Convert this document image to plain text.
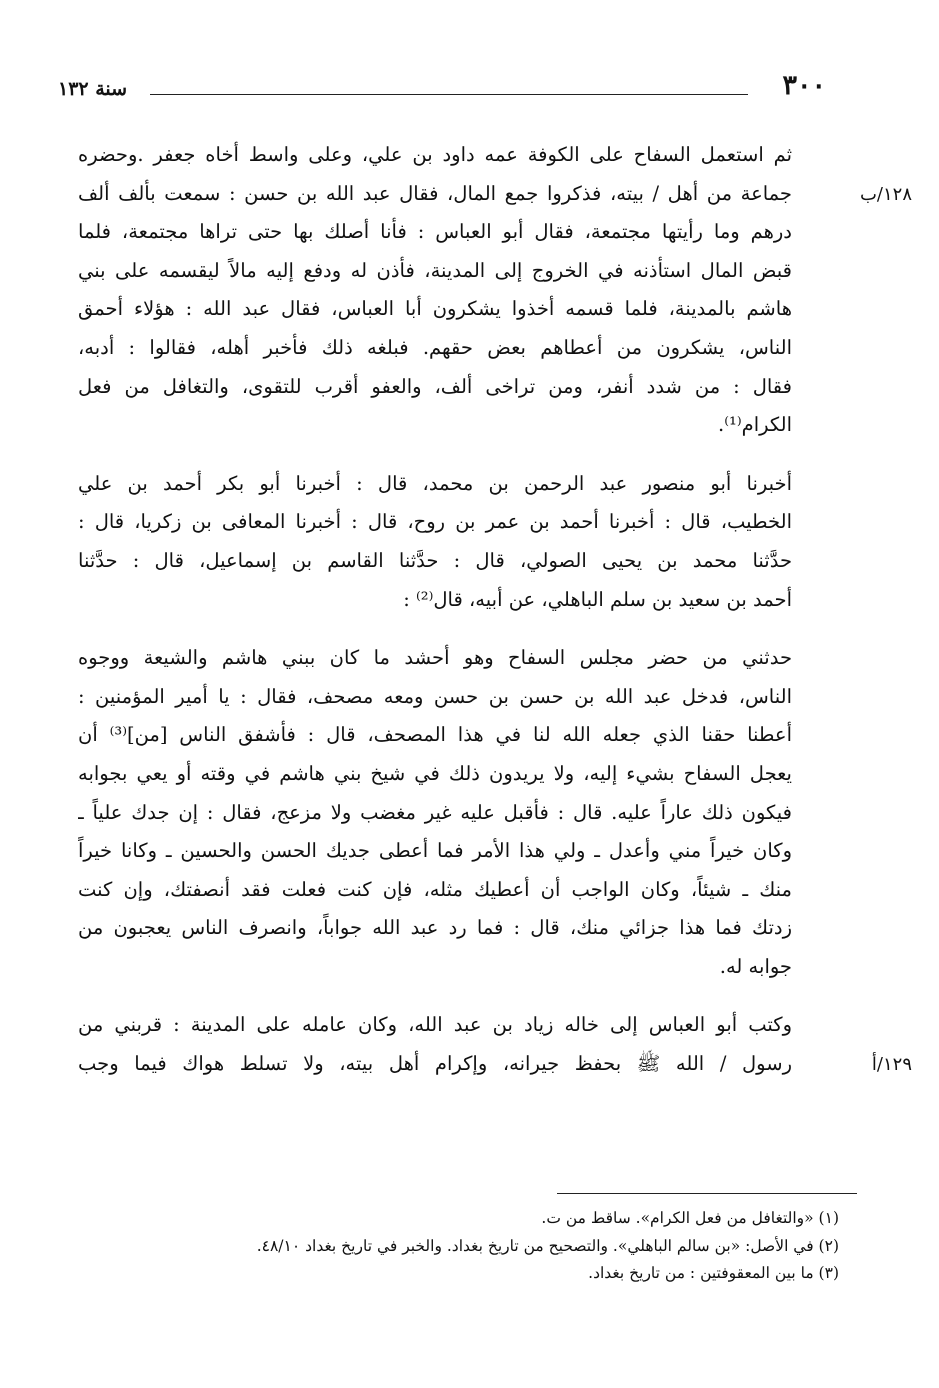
٣٠٠
سنة ١٣٢

ثم استعمل السفاح على الكوفة عمه داود بن علي، وعلى واسط أخاه جعفر .وحضره
جماعة من أهل / بيته، فذكروا جمع المال، فقال عبد الله بن حسن : سمعت بألف ألف
درهم وما رأيتها مجتمعة، فقال أبو العباس : فأنا أصلك بها حتى تراها مجتمعة، فلما
قبض المال استأذنه في الخروج إلى المدينة، فأذن له ودفع إليه مالاً ليقسمه على بني
هاشم بالمدينة، فلما قسمه أخذوا يشكرون أبا العباس، فقال عبد الله : هؤلاء أحمق
الناس، يشكرون من أعطاهم بعض حقهم. فبلغه ذلك فأخبر أهله، فقالوا : أدبه،
فقال : من شدد أنفر، ومن تراخى ألف، والعفو أقرب للتقوى، والتغافل من فعل
الكرام⁽¹⁾.
١٢٨/ب

أخبرنا أبو منصور عبد الرحمن بن محمد، قال : أخبرنا أبو بكر أحمد بن علي
الخطيب، قال : أخبرنا أحمد بن عمر بن روح، قال : أخبرنا المعافى بن زكريا، قال :
حدَّثنا محمد بن يحيى الصولي، قال : حدَّثنا القاسم بن إسماعيل، قال : حدَّثنا
أحمد بن سعيد بن سلم الباهلي، عن أبيه، قال⁽²⁾ :

حدثني من حضر مجلس السفاح وهو أحشد ما كان ببني هاشم والشيعة ووجوه
الناس، فدخل عبد الله بن حسن بن حسن ومعه مصحف، فقال : يا أمير المؤمنين :
أعطنا حقنا الذي جعله الله لنا في هذا المصحف، قال : فأشفق الناس [من]⁽³⁾ أن
يعجل السفاح بشيء إليه، ولا يريدون ذلك في شيخ بني هاشم في وقته أو يعي بجوابه
فيكون ذلك عاراً عليه. قال : فأقبل عليه غير مغضب ولا مزعج، فقال : إن جدك علياً ـ
وكان خيراً مني وأعدل ـ ولي هذا الأمر فما أعطى جديك الحسن والحسين ـ وكانا خيراً
منك ـ شيئاً، وكان الواجب أن أعطيك مثله، فإن كنت فعلت فقد أنصفتك، وإن كنت
زدتك فما هذا جزائي منك، قال : فما رد عبد الله جواباً، وانصرف الناس يعجبون من
جوابه له.

وكتب أبو العباس إلى خاله زياد بن عبد الله، وكان عامله على المدينة : قربني من
رسول / الله ﷺ بحفظ جيرانه، وإكرام أهل بيته، ولا تسلط هواك فيما وجب	١٢٩/أ

(١) «والتغافل من فعل الكرام». ساقط من ت.
(٢) في الأصل: «بن سالم الباهلي». والتصحيح من تاريخ بغداد. والخبر في تاريخ بغداد ٤٨/١٠.
(٣) ما بين المعقوفتين : من تاريخ بغداد.
